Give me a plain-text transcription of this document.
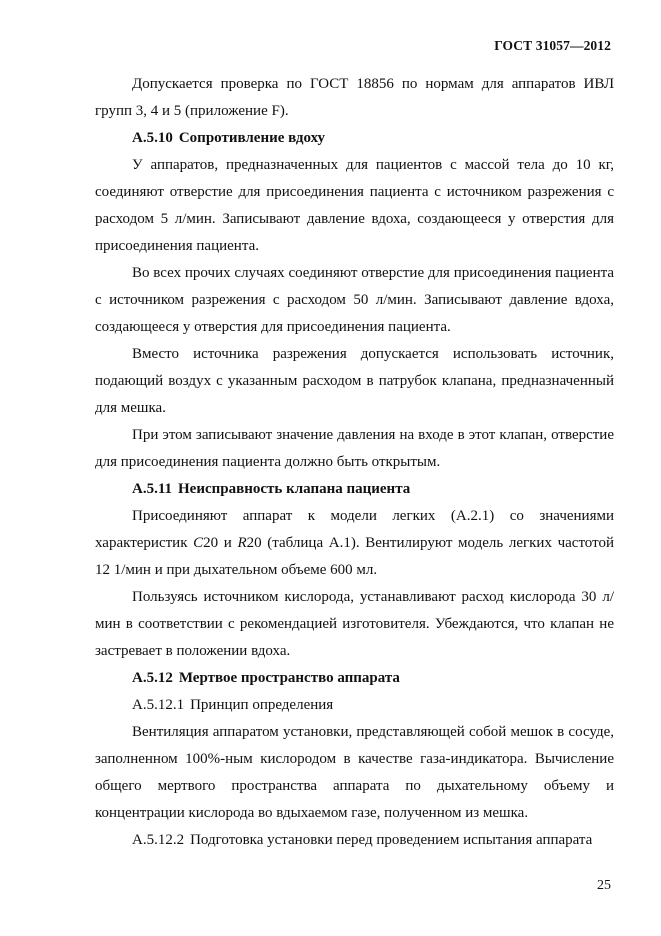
ГОСТ 31057—2012

Допускается проверка по ГОСТ 18856 по нормам для аппаратов ИВЛ групп 3, 4 и 5 (приложение F).

А.5.10 Сопротивление вдоху

У аппаратов, предназначенных для пациентов с массой тела до 10 кг, соединяют отверстие для присоединения пациента с источником разрежения с расходом 5 л/мин. Записывают давление вдоха, создающееся у отверстия для присоединения пациента.

Во всех прочих случаях соединяют отверстие для присоединения пациента с источником разрежения с расходом 50 л/мин. Записывают давление вдоха, создающееся у отверстия для присоединения пациента.

Вместо источника разрежения допускается использовать источник, подающий воздух с указанным расходом в патрубок клапана, предназначенный для мешка.

При этом записывают значение давления на входе в этот клапан, отверстие для присоединения пациента должно быть открытым.

А.5.11 Неисправность клапана пациента

Присоединяют аппарат к модели легких (А.2.1) со значениями характеристик С20 и R20 (таблица А.1). Вентилируют модель легких частотой 12 1/мин и при дыхательном объеме 600 мл.

Пользуясь источником кислорода, устанавливают расход кислорода 30 л/мин в соответствии с рекомендацией изготовителя. Убеждаются, что клапан не застревает в положении вдоха.

А.5.12 Мертвое пространство аппарата

А.5.12.1 Принцип определения

Вентиляция аппаратом установки, представляющей собой мешок в сосуде, заполненном 100%-ным кислородом в качестве газа-индикатора. Вычисление общего мертвого пространства аппарата по дыхательному объему и концентрации кислорода во вдыхаемом газе, полученном из мешка.

А.5.12.2 Подготовка установки перед проведением испытания аппарата

25
